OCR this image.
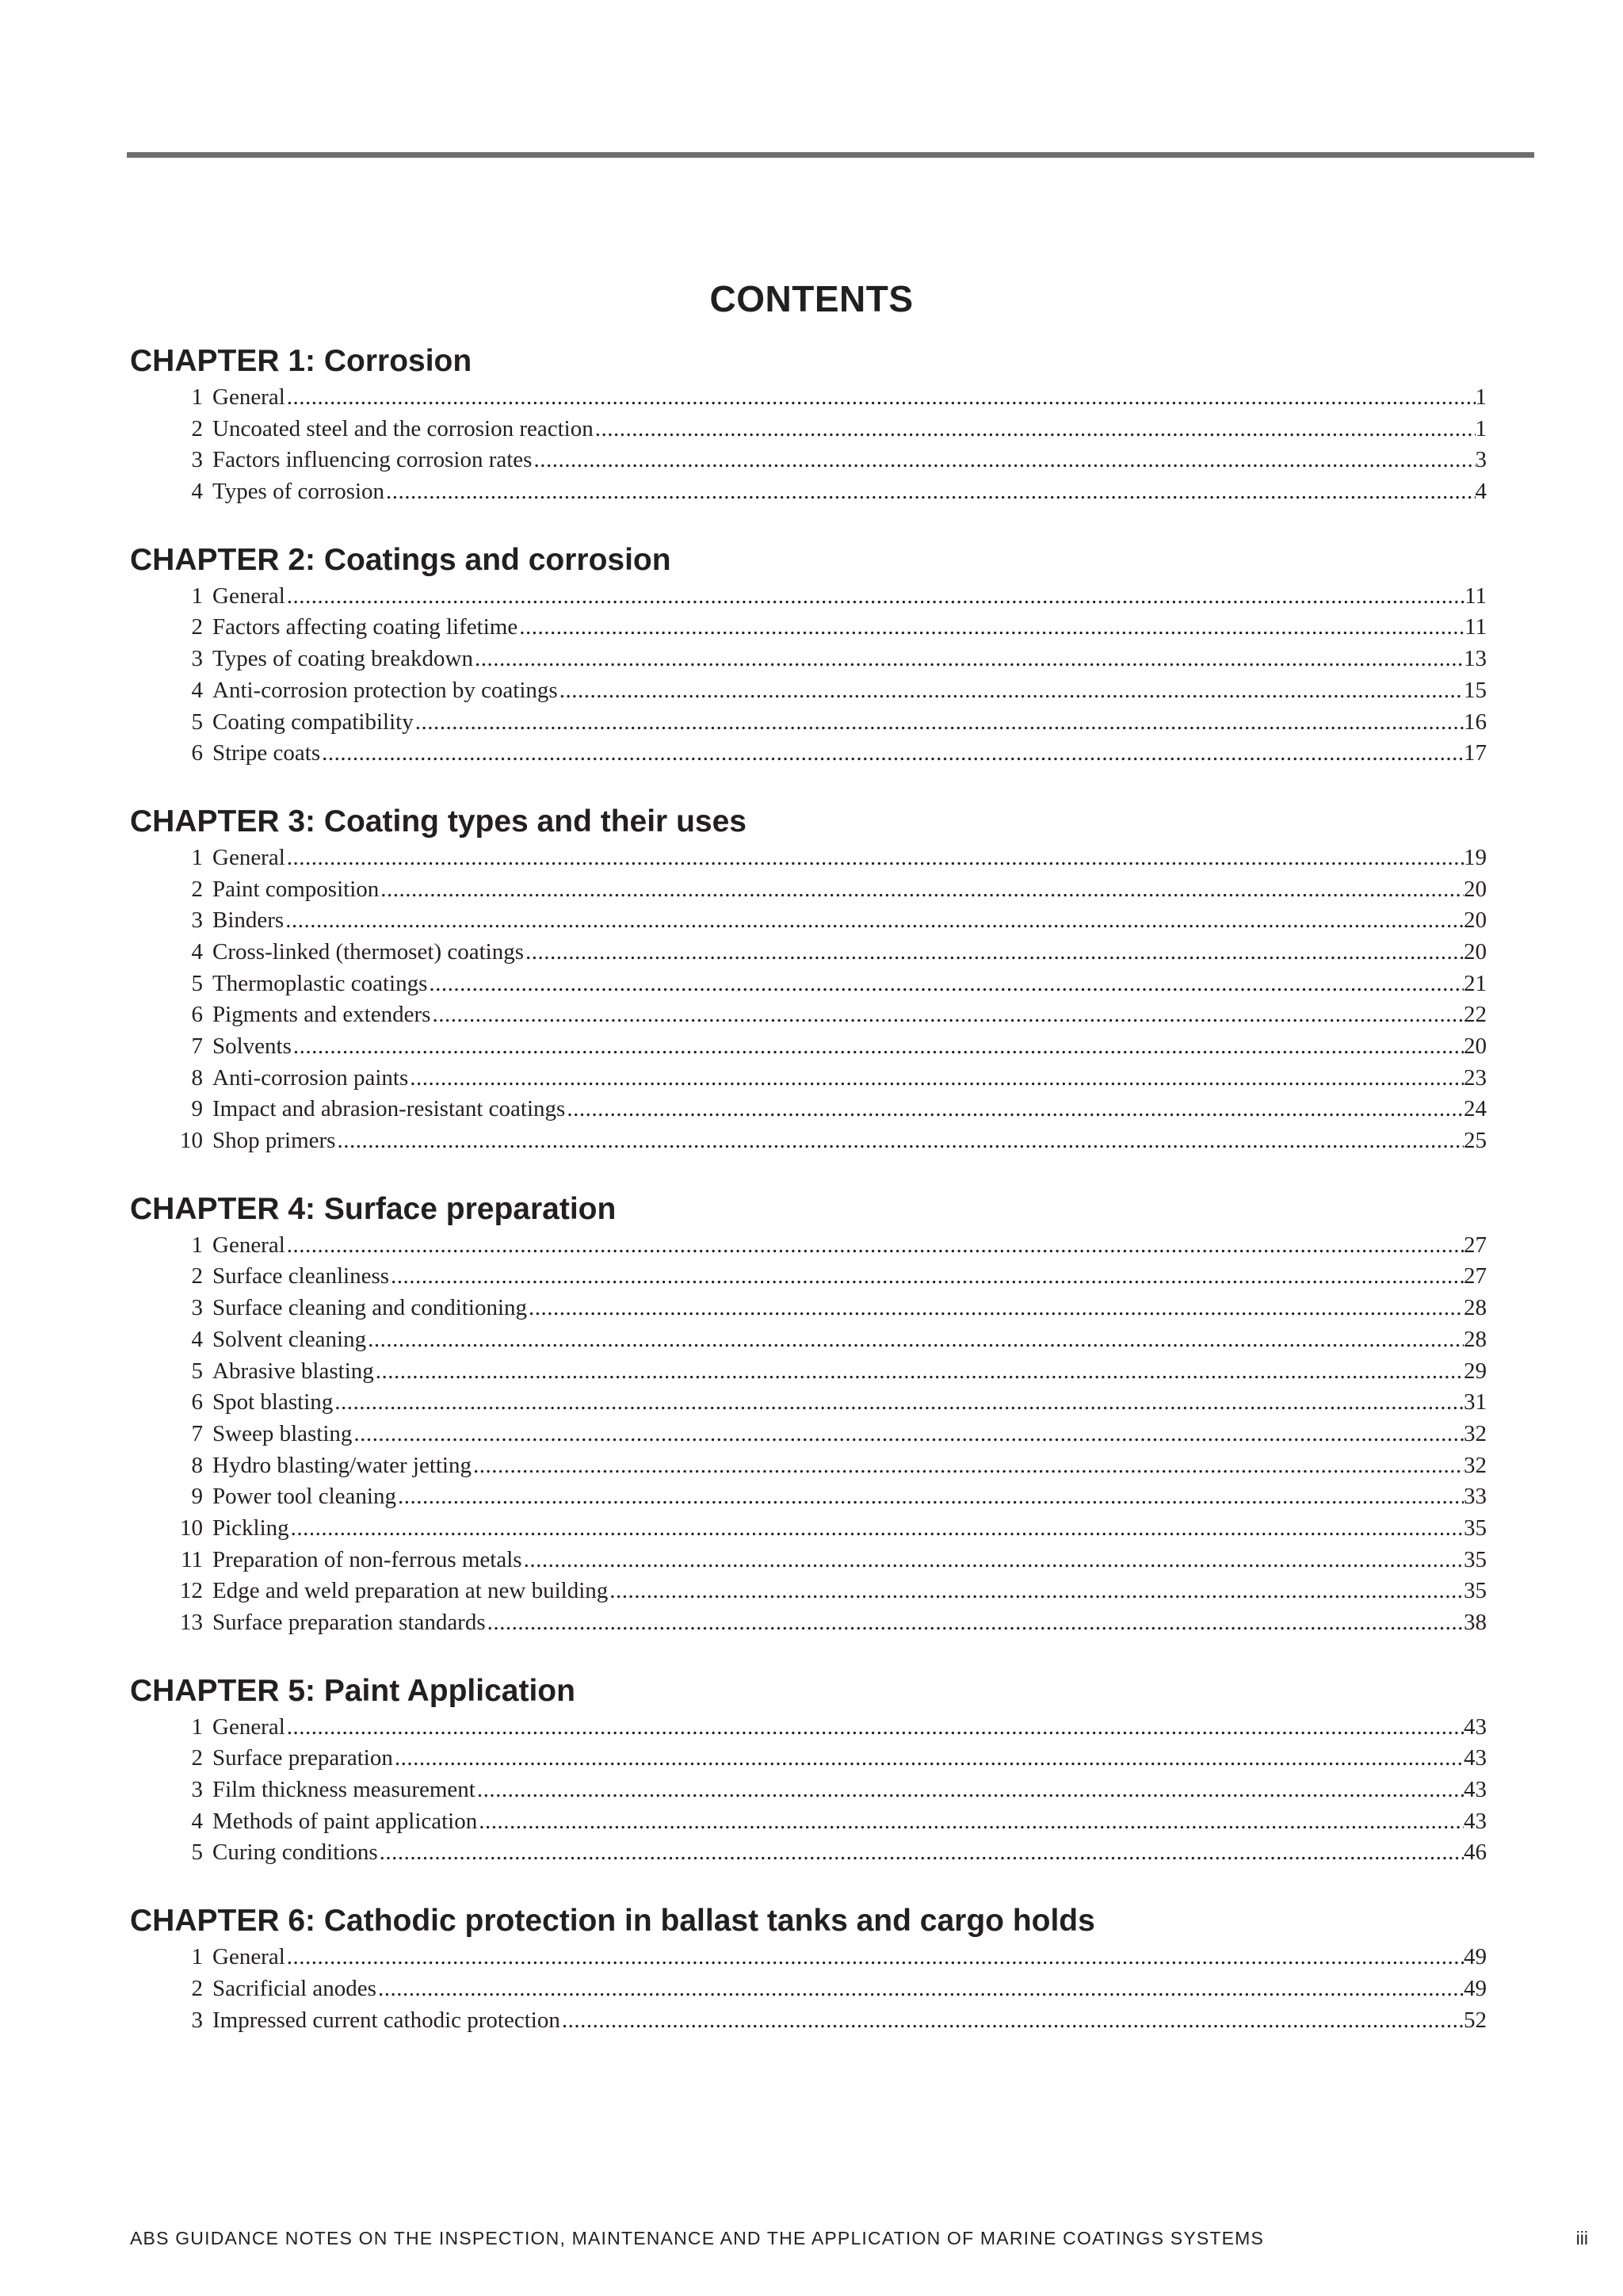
CONTENTS
CHAPTER 1: Corrosion
1 General .....	1
2 Uncoated steel and the corrosion reaction .....	1
3 Factors influencing corrosion rates .....	3
4 Types of corrosion .....	4
CHAPTER 2: Coatings and corrosion
1 General .....	11
2 Factors affecting coating lifetime .....	11
3 Types of coating breakdown .....	13
4 Anti-corrosion protection by coatings .....	15
5 Coating compatibility .....	16
6 Stripe coats .....	17
CHAPTER 3: Coating types and their uses
1 General .....	19
2 Paint composition .....	20
3 Binders .....	20
4 Cross-linked (thermoset) coatings .....	20
5 Thermoplastic coatings .....	21
6 Pigments and extenders .....	22
7 Solvents .....	20
8 Anti-corrosion paints .....	23
9 Impact and abrasion-resistant coatings .....	24
10 Shop primers .....	25
CHAPTER 4: Surface preparation
1 General .....	27
2 Surface cleanliness .....	27
3 Surface cleaning and conditioning .....	28
4 Solvent cleaning .....	28
5 Abrasive blasting .....	29
6 Spot blasting .....	31
7 Sweep blasting .....	32
8 Hydro blasting/water jetting .....	32
9 Power tool cleaning .....	33
10 Pickling .....	35
11 Preparation of non-ferrous metals .....	35
12 Edge and weld preparation at new building .....	35
13 Surface preparation standards .....	38
CHAPTER 5: Paint Application
1 General .....	43
2 Surface preparation .....	43
3 Film thickness measurement .....	43
4 Methods of paint application .....	43
5 Curing conditions .....	46
CHAPTER 6: Cathodic protection in ballast tanks and cargo holds
1 General .....	49
2 Sacrificial anodes .....	49
3 Impressed current cathodic protection .....	52
ABS GUIDANCE NOTES ON THE INSPECTION, MAINTENANCE AND THE APPLICATION OF MARINE COATINGS SYSTEMS	iii
